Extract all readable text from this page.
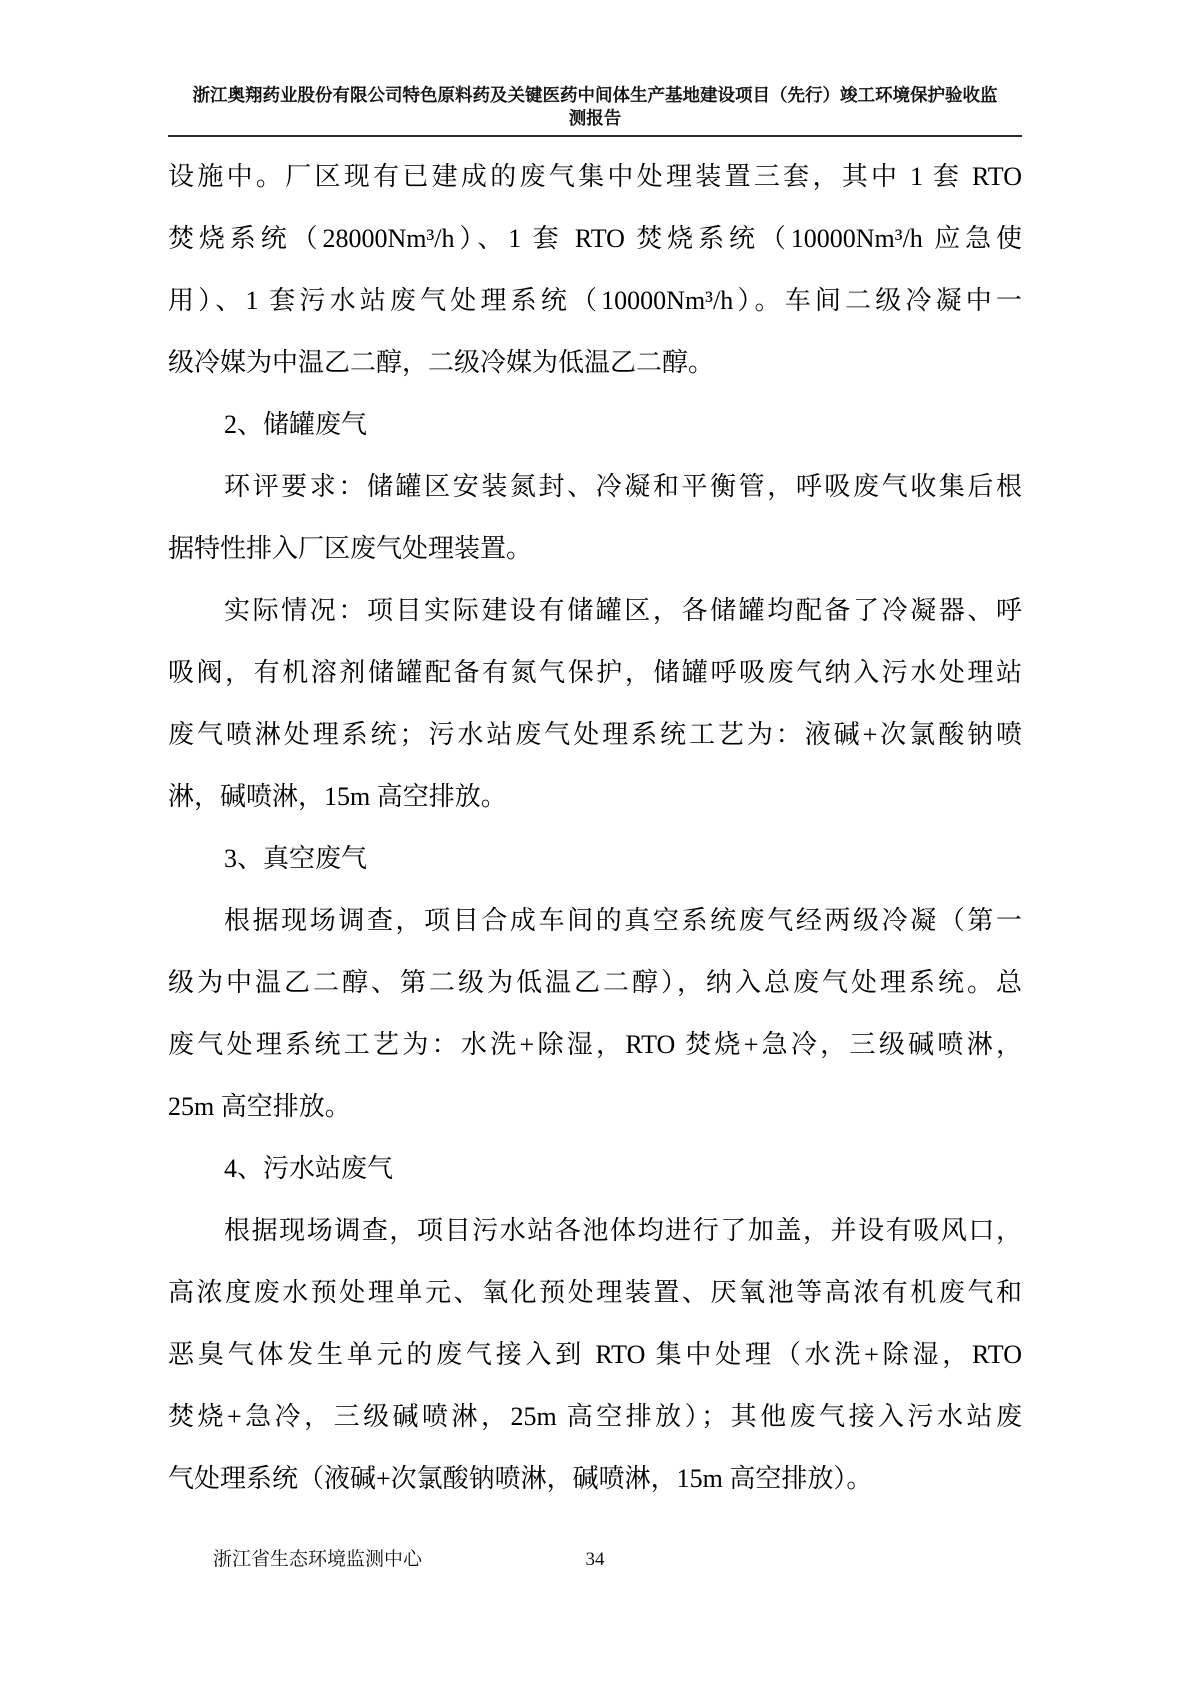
浙江奥翔药业股份有限公司特色原料药及关键医药中间体生产基地建设项目（先行）竣工环境保护验收监
测报告
设施中。厂区现有已建成的废气集中处理装置三套，其中 1 套 RTO
焚烧系统（28000Nm³/h）、1 套 RTO 焚烧系统（10000Nm³/h 应急使
用）、1 套污水站废气处理系统（10000Nm³/h）。车间二级冷凝中一
级冷媒为中温乙二醇，二级冷媒为低温乙二醇。
2、储罐废气
环评要求：储罐区安装氮封、冷凝和平衡管，呼吸废气收集后根
据特性排入厂区废气处理装置。
实际情况：项目实际建设有储罐区，各储罐均配备了冷凝器、呼
吸阀，有机溶剂储罐配备有氮气保护，储罐呼吸废气纳入污水处理站
废气喷淋处理系统；污水站废气处理系统工艺为：液碱+次氯酸钠喷
淋，碱喷淋，15m 高空排放。
3、真空废气
根据现场调查，项目合成车间的真空系统废气经两级冷凝（第一
级为中温乙二醇、第二级为低温乙二醇），纳入总废气处理系统。总
废气处理系统工艺为：水洗+除湿，RTO 焚烧+急冷，三级碱喷淋，
25m 高空排放。
4、污水站废气
根据现场调查，项目污水站各池体均进行了加盖，并设有吸风口，
高浓度废水预处理单元、氧化预处理装置、厌氧池等高浓有机废气和
恶臭气体发生单元的废气接入到 RTO 集中处理（水洗+除湿，RTO
焚烧+急冷，三级碱喷淋，25m 高空排放）；其他废气接入污水站废
气处理系统（液碱+次氯酸钠喷淋，碱喷淋，15m 高空排放）。
浙江省生态环境监测中心	34
